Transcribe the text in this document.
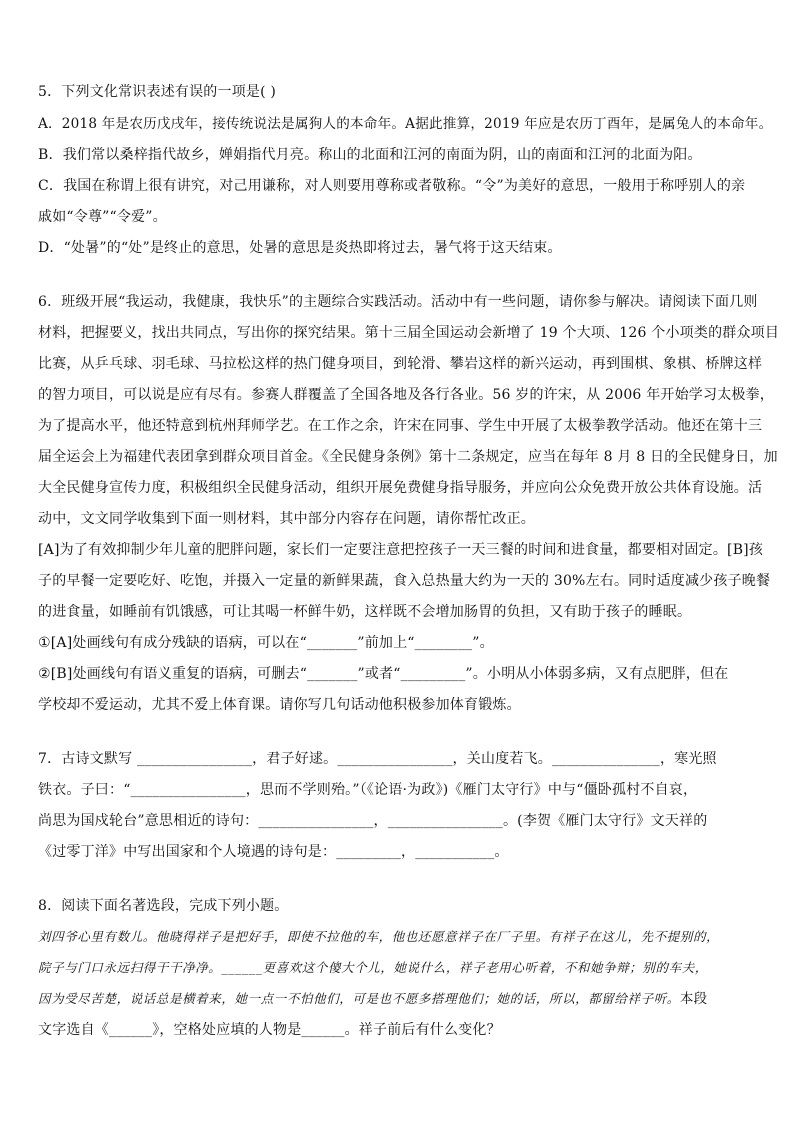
5．下列文化常识表述有误的一项是( )
A．2018 年是农历戊戌年，接传统说法是属狗人的本命年。A据此推算，2019 年应是农历丁酉年，是属兔人的本命年。
B．我们常以桑梓指代故乡，婵娟指代月亮。称山的北面和江河的南面为阴，山的南面和江河的北面为阳。
C．我国在称谓上很有讲究，对己用谦称，对人则要用尊称或者敬称。“令”为美好的意思，一般用于称呼别人的亲
戚如“令尊”“令爱”。
D．“处暑”的“处”是终止的意思，处暑的意思是炎热即将过去，暑气将于这天结束。
6．班级开展“我运动，我健康，我快乐”的主题综合实践活动。活动中有一些问题，请你参与解决。请阅读下面几则
材料，把握要义，找出共同点，写出你的探究结果。第十三届全国运动会新增了 19 个大项、126 个小项类的群众项目
比赛，从乒乓球、羽毛球、马拉松这样的热门健身项目，到轮滑、攀岩这样的新兴运动，再到围棋、象棋、桥牌这样
的智力项目，可以说是应有尽有。参赛人群覆盖了全国各地及各行各业。56 岁的许宋，从 2006 年开始学习太极拳，
为了提高水平，他还特意到杭州拜师学艺。在工作之余，许宋在同事、学生中开展了太极拳教学活动。他还在第十三
届全运会上为福建代表团拿到群众项目首金。《全民健身条例》第十二条规定，应当在每年 8 月 8 日的全民健身日，加
大全民健身宣传力度，积极组织全民健身活动，组织开展免费健身指导服务，并应向公众免费开放公共体育设施。活
动中，文文同学收集到下面一则材料，其中部分内容存在问题，请你帮忙改正。
[A]为了有效抑制少年儿童的肥胖问题，家长们一定要注意把控孩子一天三餐的时间和进食量，都要相对固定。[B]孩
子的早餐一定要吃好、吃饱，并摄入一定量的新鲜果蔬，食入总热量大约为一天的 30%左右。同时适度减少孩子晚餐
的进食量，如睡前有饥饿感，可让其喝一杯鲜牛奶，这样既不会增加肠胃的负担，又有助于孩子的睡眠。
①[A]处画线句有成分残缺的语病，可以在“_______”前加上“________”。
②[B]处画线句有语义重复的语病，可删去“_______”或者“_________”。小明从小体弱多病，又有点肥胖，但在
学校却不爱运动，尤其不爱上体育课。请你写几句话动他积极参加体育锻炼。
7．古诗文默写 ________________，君子好逑。________________，关山度若飞。_______________，寒光照
铁衣。子曰：“________________，思而不学则殆。”（《论语·为政》)《雁门太守行》中与“僵卧孤村不自哀，
尚思为国戍轮台”意思相近的诗句：________________，________________。(李贺《雁门太守行》文天祥的
《过零丁洋》中写出国家和个人境遇的诗句是：_________，___________。
8．阅读下面名著选段，完成下列小题。
刘四爷心里有数儿。他晓得祥子是把好手，即使不拉他的车，他也还愿意祥子在厂子里。有祥子在这儿，先不提别的，
院子与门口永远扫得干干净净。______更喜欢这个傻大个儿，她说什么，祥子老用心听着，不和她争辩；别的车夫，
因为受尽苦楚，说话总是横着来，她一点一不怕他们，可是也不愿多搭理他们；她的话，所以，都留给祥子听。本段
文字选自《______》，空格处应填的人物是______。祥子前后有什么变化？
